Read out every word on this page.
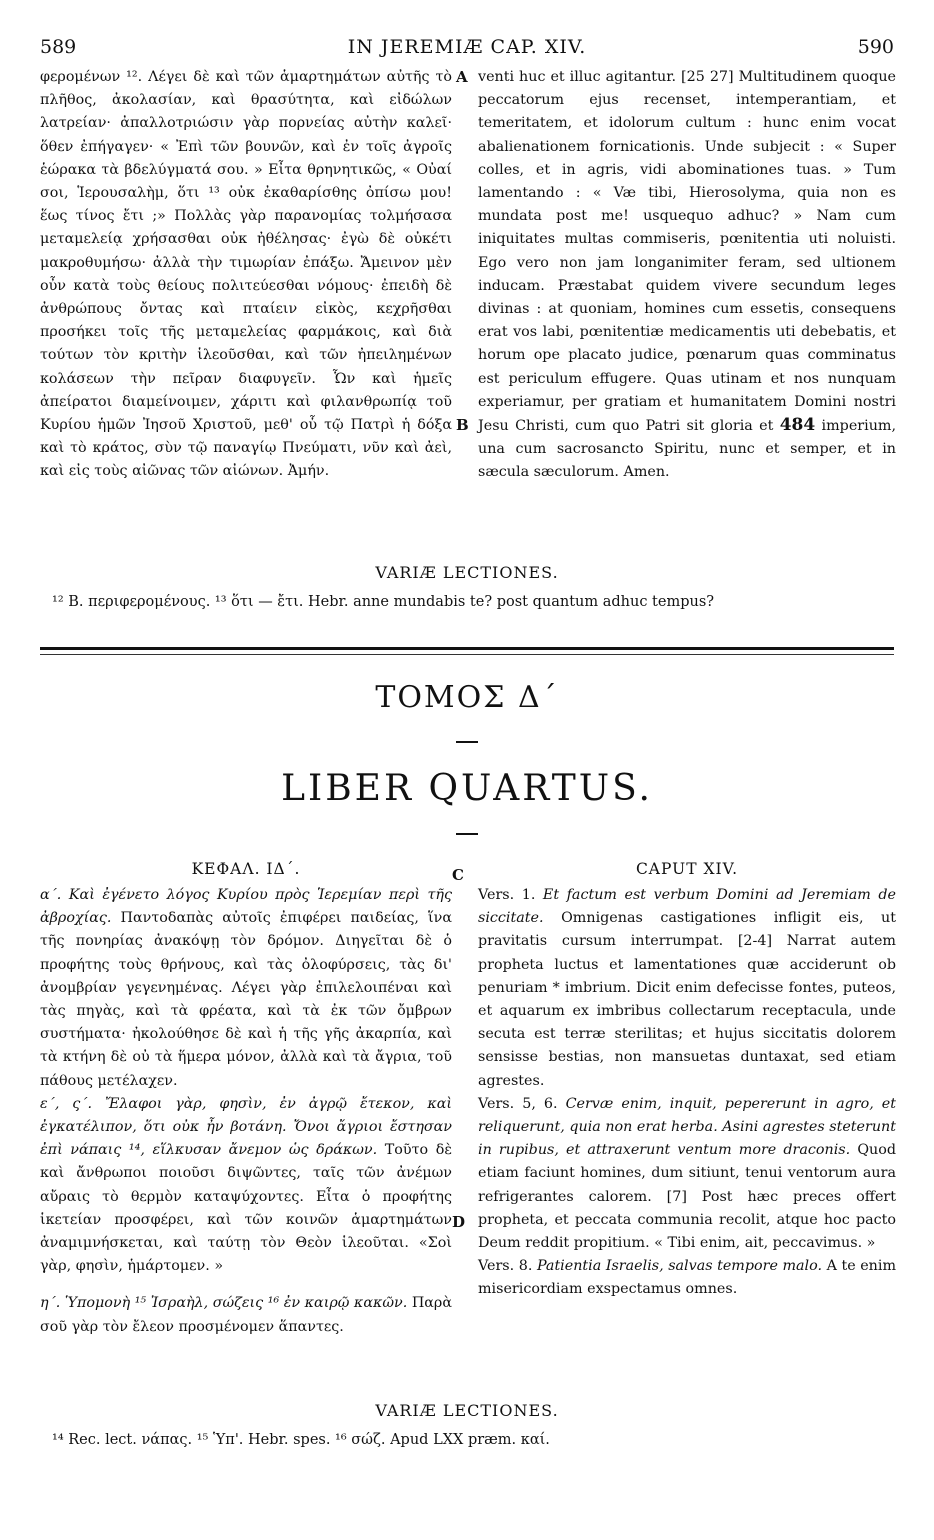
589	IN JEREMIÆ CAP. XIV.	590

φερομένων ¹². Λέγει δὲ καὶ τῶν ἁμαρτημάτων αὐτῆς τὸ πλῆθος, ἀκολασίαν, καὶ θρασύτητα, καὶ εἰδώλων λατρείαν· ἀπαλλοτριώσιν γὰρ πορνείας αὐτὴν καλεῖ· ὅθεν ἐπήγαγεν· « Ἐπὶ τῶν βουνῶν, καὶ ἐν τοῖς ἀγροῖς ἑώρακα τὰ βδελύγματά σου. » Εἶτα θρηνητικῶς, « Οὐαί σοι, Ἱερουσαλὴμ, ὅτι ¹³ οὐκ ἐκαθαρίσθης ὀπίσω μου! ἕως τίνος ἔτι ;» Πολλὰς γὰρ παρανομίας τολμήσασα μεταμελείᾳ χρήσασθαι οὐκ ἠθέλησας· ἐγὼ δὲ οὐκέτι μακροθυμήσω· ἀλλὰ τὴν τιμωρίαν ἐπάξω. Ἄμεινον μὲν οὖν κατὰ τοὺς θείους πολιτεύεσθαι νόμους· ἐπειδὴ δὲ ἀνθρώπους ὄντας καὶ πταίειν εἰκὸς, κεχρῆσθαι προσήκει τοῖς τῆς μεταμελείας φαρμάκοις, καὶ διὰ τούτων τὸν κριτὴν ἱλεοῦσθαι, καὶ τῶν ἠπειλημένων κολάσεων τὴν πεῖραν διαφυγεῖν. Ὧν καὶ ἡμεῖς ἀπείρατοι διαμείνοιμεν, χάριτι καὶ φιλανθρωπίᾳ τοῦ Κυρίου ἡμῶν Ἰησοῦ Χριστοῦ, μεθ' οὗ τῷ Πατρὶ ἡ δόξα καὶ τὸ κράτος, σὺν τῷ παναγίῳ Πνεύματι, νῦν καὶ ἀεὶ, καὶ εἰς τοὺς αἰῶνας τῶν αἰώνων. Ἀμήν.

A
B

venti huc et illuc agitantur. [25 27] Multitudinem quoque peccatorum ejus recenset, intemperantiam, et temeritatem, et idolorum cultum : hunc enim vocat abalienationem fornicationis. Unde subjecit : « Super colles, et in agris, vidi abominationes tuas. » Tum lamentando : « Væ tibi, Hierosolyma, quia non es mundata post me! usquequo adhuc? » Nam cum iniquitates multas commiseris, pœnitentia uti noluisti. Ego vero non jam longanimiter feram, sed ultionem inducam. Præstabat quidem vivere secundum leges divinas : at quoniam, homines cum essetis, consequens erat vos labi, pœnitentiæ medicamentis uti debebatis, et horum ope placato judice, pœnarum quas comminatus est periculum effugere. Quas utinam et nos nunquam experiamur, per gratiam et humanitatem Domini nostri Jesu Christi, cum quo Patri sit gloria et 484 imperium, una cum sacrosancto Spiritu, nunc et semper, et in sæcula sæculorum. Amen.

VARIÆ LECTIONES.
¹² B. περιφερομένους. ¹³ ὅτι — ἔτι. Hebr. anne mundabis te? post quantum adhuc tempus?
ΤΟΜΟΣ Δ΄
LIBER QUARTUS.
ΚΕΦΑΛ. ΙΔ΄.	C	CAPUT XIV.

α΄. Καὶ ἐγένετο λόγος Κυρίου πρὸς Ἱερεμίαν περὶ τῆς ἀβροχίας. Παντοδαπὰς αὐτοῖς ἐπιφέρει παιδείας, ἵνα τῆς πονηρίας ἀνακόψῃ τὸν δρόμον. Διηγεῖται δὲ ὁ προφήτης τοὺς θρήνους, καὶ τὰς ὀλοφύρσεις, τὰς δι' ἀνομβρίαν γεγενημένας. Λέγει γὰρ ἐπιλελοιπέναι καὶ τὰς πηγὰς, καὶ τὰ φρέατα, καὶ τὰ ἐκ τῶν ὄμβρων συστήματα· ἠκολούθησε δὲ καὶ ἡ τῆς γῆς ἀκαρπία, καὶ τὰ κτήνη δὲ οὐ τὰ ἥμερα μόνον, ἀλλὰ καὶ τὰ ἄγρια, τοῦ πάθους μετέλαχεν.

ε΄, ς΄. Ἔλαφοι γὰρ, φησὶν, ἐν ἀγρῷ ἔτεκον, καὶ ἐγκατέλιπον, ὅτι οὐκ ἦν βοτάνη. Ὄνοι ἄγριοι ἔστησαν ἐπὶ νάπαις ¹⁴, εἵλκυσαν ἄνεμον ὡς δράκων. Τοῦτο δὲ καὶ ἄνθρωποι ποιοῦσι διψῶντες, ταῖς τῶν ἀνέμων αὔραις τὸ θερμὸν καταψύχοντες. Εἶτα ὁ προφήτης ἱκετείαν προσφέρει, καὶ τῶν κοινῶν ἁμαρτημάτων ἀναμιμνήσκεται, καὶ ταύτῃ τὸν Θεὸν ἱλεοῦται. «Σοὶ γὰρ, φησὶν, ἡμάρτομεν. »

η΄. Ὑπομονὴ ¹⁵ Ἰσραὴλ, σώζεις ¹⁶ ἐν καιρῷ κακῶν. Παρὰ σοῦ γὰρ τὸν ἔλεον προσμένομεν ἅπαντες.

D

Vers. 1. Et factum est verbum Domini ad Jeremiam de siccitate. Omnigenas castigationes infligit eis, ut pravitatis cursum interrumpat. [2-4] Narrat autem propheta luctus et lamentationes quæ acciderunt ob penuriam * imbrium. Dicit enim defecisse fontes, puteos, et aquarum ex imbribus collectarum receptacula, unde secuta est terræ sterilitas; et hujus siccitatis dolorem sensisse bestias, non mansuetas duntaxat, sed etiam agrestes.

Vers. 5, 6. Cervæ enim, inquit, pepererunt in agro, et reliquerunt, quia non erat herba. Asini agrestes steterunt in rupibus, et attraxerunt ventum more draconis. Quod etiam faciunt homines, dum sitiunt, tenui ventorum aura refrigerantes calorem. [7] Post hæc preces offert propheta, et peccata communia recolit, atque hoc pacto Deum reddit propitium. « Tibi enim, ait, peccavimus. »

Vers. 8. Patientia Israelis, salvas tempore malo. A te enim misericordiam exspectamus omnes.

VARIÆ LECTIONES.
¹⁴ Rec. lect. νάπας. ¹⁵ Ὑπ'. Hebr. spes. ¹⁶ σώζ. Apud LXX præm. καί.
